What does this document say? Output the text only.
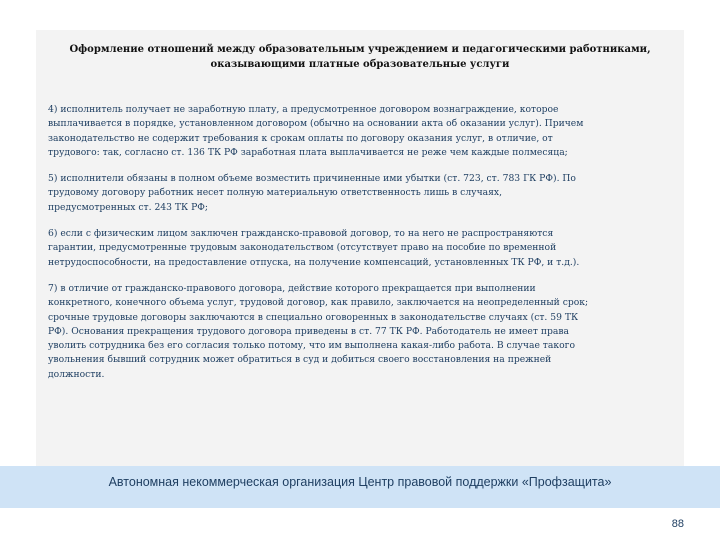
Оформление отношений между образовательным учреждением и педагогическими работниками,
оказывающими платные образовательные услуги
4) исполнитель получает не заработную плату, а предусмотренное договором вознаграждение, которое
выплачивается в порядке, установленном договором (обычно на основании акта об оказании услуг). Причем
законодательство не содержит требования к срокам оплаты по договору оказания услуг, в отличие, от
трудового: так, согласно ст. 136 ТК РФ заработная плата выплачивается не реже чем каждые полмесяца;
5) исполнители обязаны в полном объеме возместить причиненные ими убытки (ст. 723, ст. 783 ГК РФ). По
трудовому договору работник несет полную материальную ответственность лишь в случаях,
предусмотренных ст. 243 ТК РФ;
6) если с физическим лицом заключен гражданско-правовой договор, то на него не распространяются
гарантии, предусмотренные трудовым законодательством (отсутствует право на пособие по временной
нетрудоспособности, на предоставление отпуска, на получение компенсаций, установленных ТК РФ, и т.д.).
7) в отличие от гражданско-правового договора, действие которого прекращается при выполнении
конкретного, конечного объема услуг, трудовой договор, как правило, заключается на неопределенный срок;
срочные трудовые договоры заключаются в специально оговоренных в законодательстве случаях (ст. 59 ТК
РФ). Основания прекращения трудового договора приведены в ст. 77 ТК РФ. Работодатель не имеет права
уволить сотрудника без его согласия только потому, что им выполнена какая-либо работа. В случае такого
увольнения бывший сотрудник может обратиться в суд и добиться своего восстановления на прежней
должности.
Автономная некоммерческая организация Центр правовой поддержки «Профзащита»
88
